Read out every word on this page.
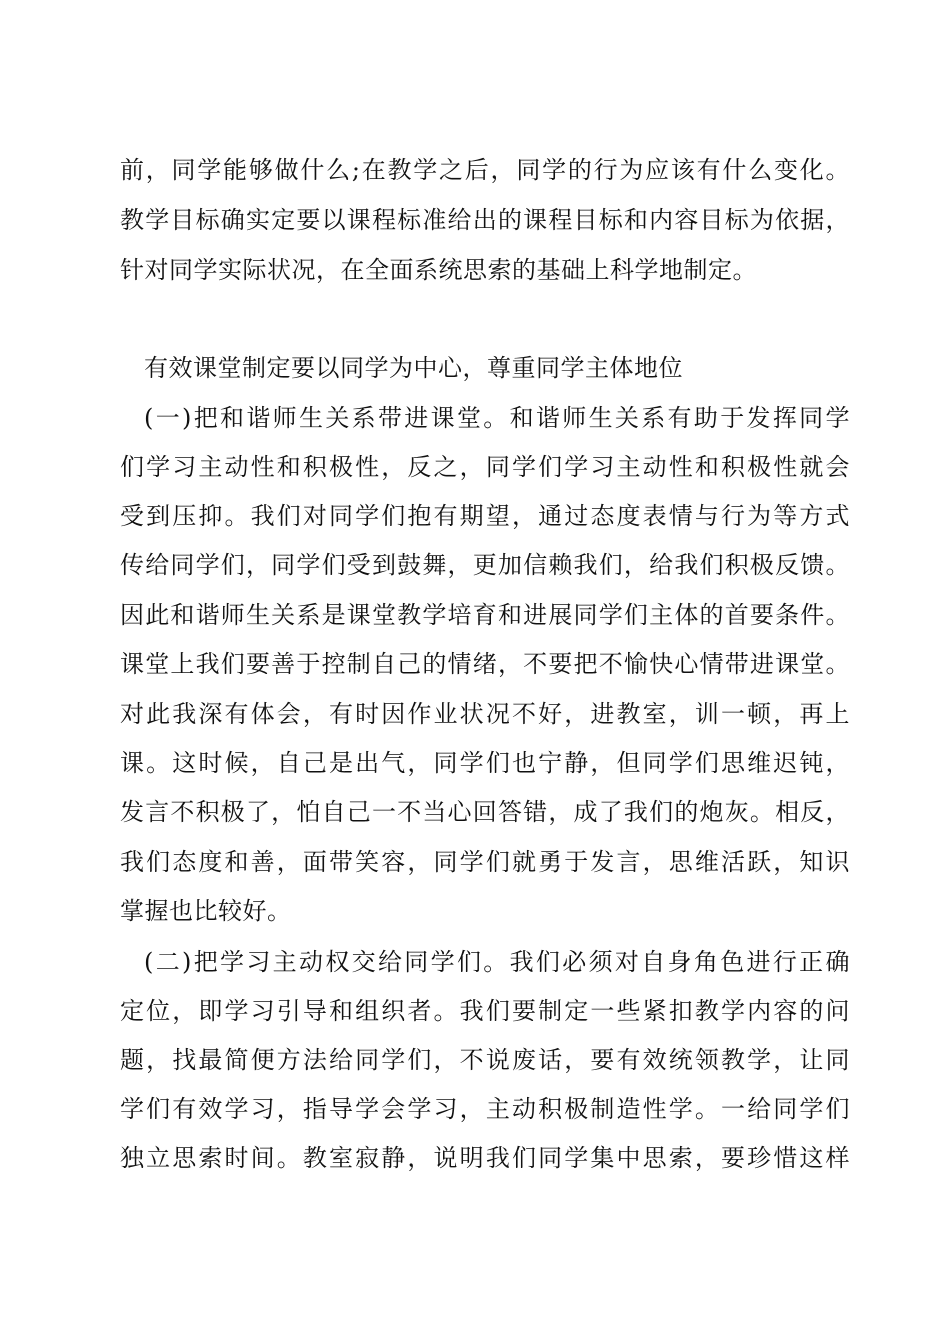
前，同学能够做什么;在教学之后，同学的行为应该有什么变化。
教学目标确实定要以课程标准给出的课程目标和内容目标为依据，
针对同学实际状况，在全面系统思索的基础上科学地制定。
有效课堂制定要以同学为中心，尊重同学主体地位
(一)把和谐师生关系带进课堂。和谐师生关系有助于发挥同学
们学习主动性和积极性，反之，同学们学习主动性和积极性就会
受到压抑。我们对同学们抱有期望，通过态度表情与行为等方式
传给同学们，同学们受到鼓舞，更加信赖我们，给我们积极反馈。
因此和谐师生关系是课堂教学培育和进展同学们主体的首要条件。
课堂上我们要善于控制自己的情绪，不要把不愉快心情带进课堂。
对此我深有体会，有时因作业状况不好，进教室，训一顿，再上
课。这时候，自己是出气，同学们也宁静，但同学们思维迟钝，
发言不积极了，怕自己一不当心回答错，成了我们的炮灰。相反，
我们态度和善，面带笑容，同学们就勇于发言，思维活跃，知识
掌握也比较好。
(二)把学习主动权交给同学们。我们必须对自身角色进行正确
定位，即学习引导和组织者。我们要制定一些紧扣教学内容的问
题，找最简便方法给同学们，不说废话，要有效统领教学，让同
学们有效学习，指导学会学习，主动积极制造性学。一给同学们
独立思索时间。教室寂静，说明我们同学集中思索，要珍惜这样
